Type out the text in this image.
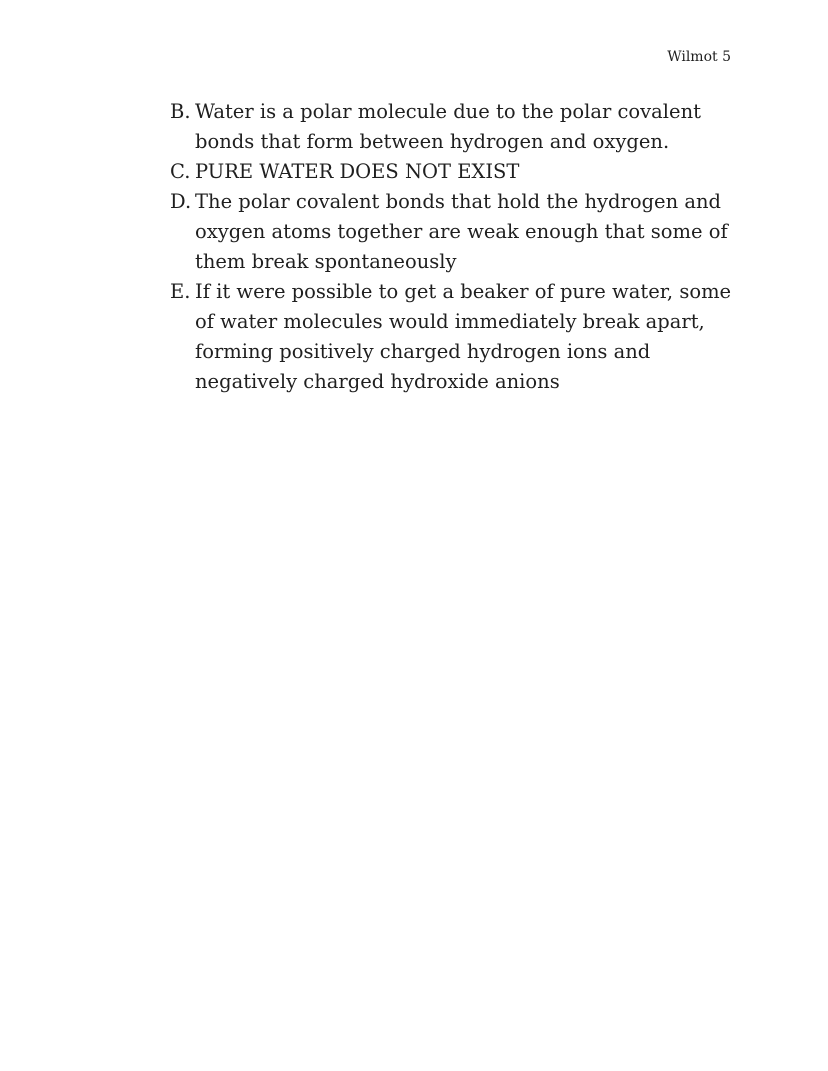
Wilmot 5
B. Water is a polar molecule due to the polar covalent bonds that form between hydrogen and oxygen.
C. PURE WATER DOES NOT EXIST
D. The polar covalent bonds that hold the hydrogen and oxygen atoms together are weak enough that some of them break spontaneously
E. If it were possible to get a beaker of pure water, some of water molecules would immediately break apart, forming positively charged hydrogen ions and negatively charged hydroxide anions
